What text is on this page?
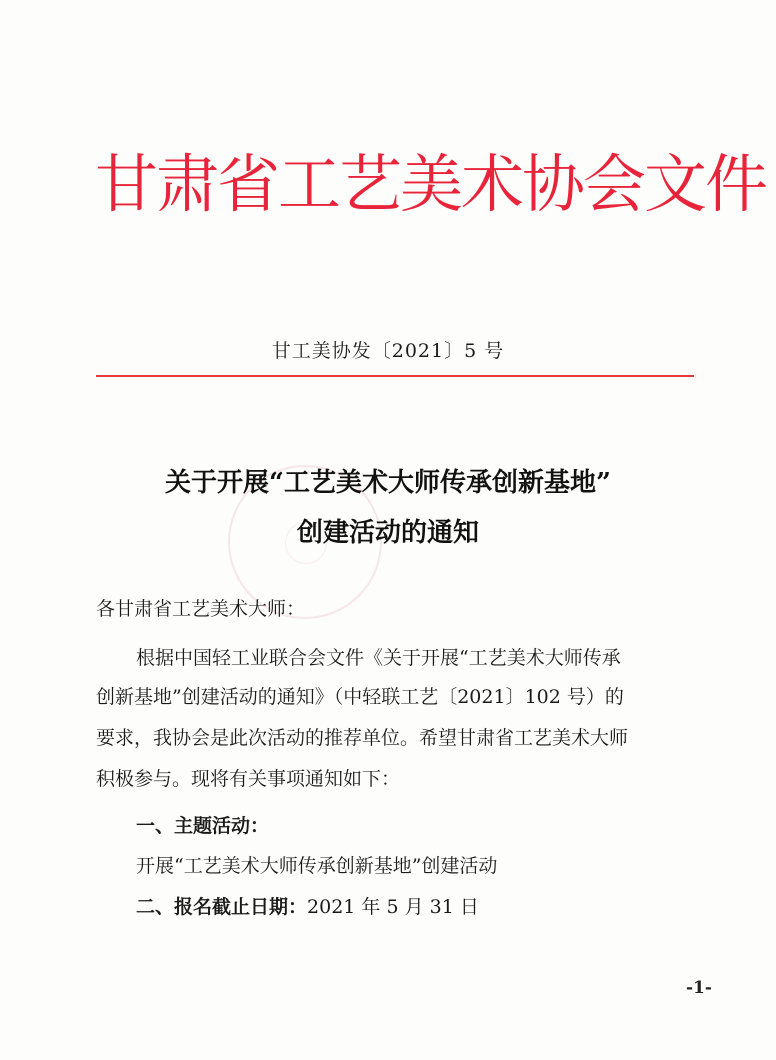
甘肃省工艺美术协会文件
甘工美协发〔2021〕5 号
关于开展“工艺美术大师传承创新基地”
创建活动的通知
各甘肃省工艺美术大师：
根据中国轻工业联合会文件《关于开展“工艺美术大师传承
创新基地”创建活动的通知》（中轻联工艺〔2021〕102 号）的
要求，我协会是此次活动的推荐单位。希望甘肃省工艺美术大师
积极参与。现将有关事项通知如下：
一、主题活动：
开展“工艺美术大师传承创新基地”创建活动
二、报名截止日期：2021 年 5 月 31 日
-1-
